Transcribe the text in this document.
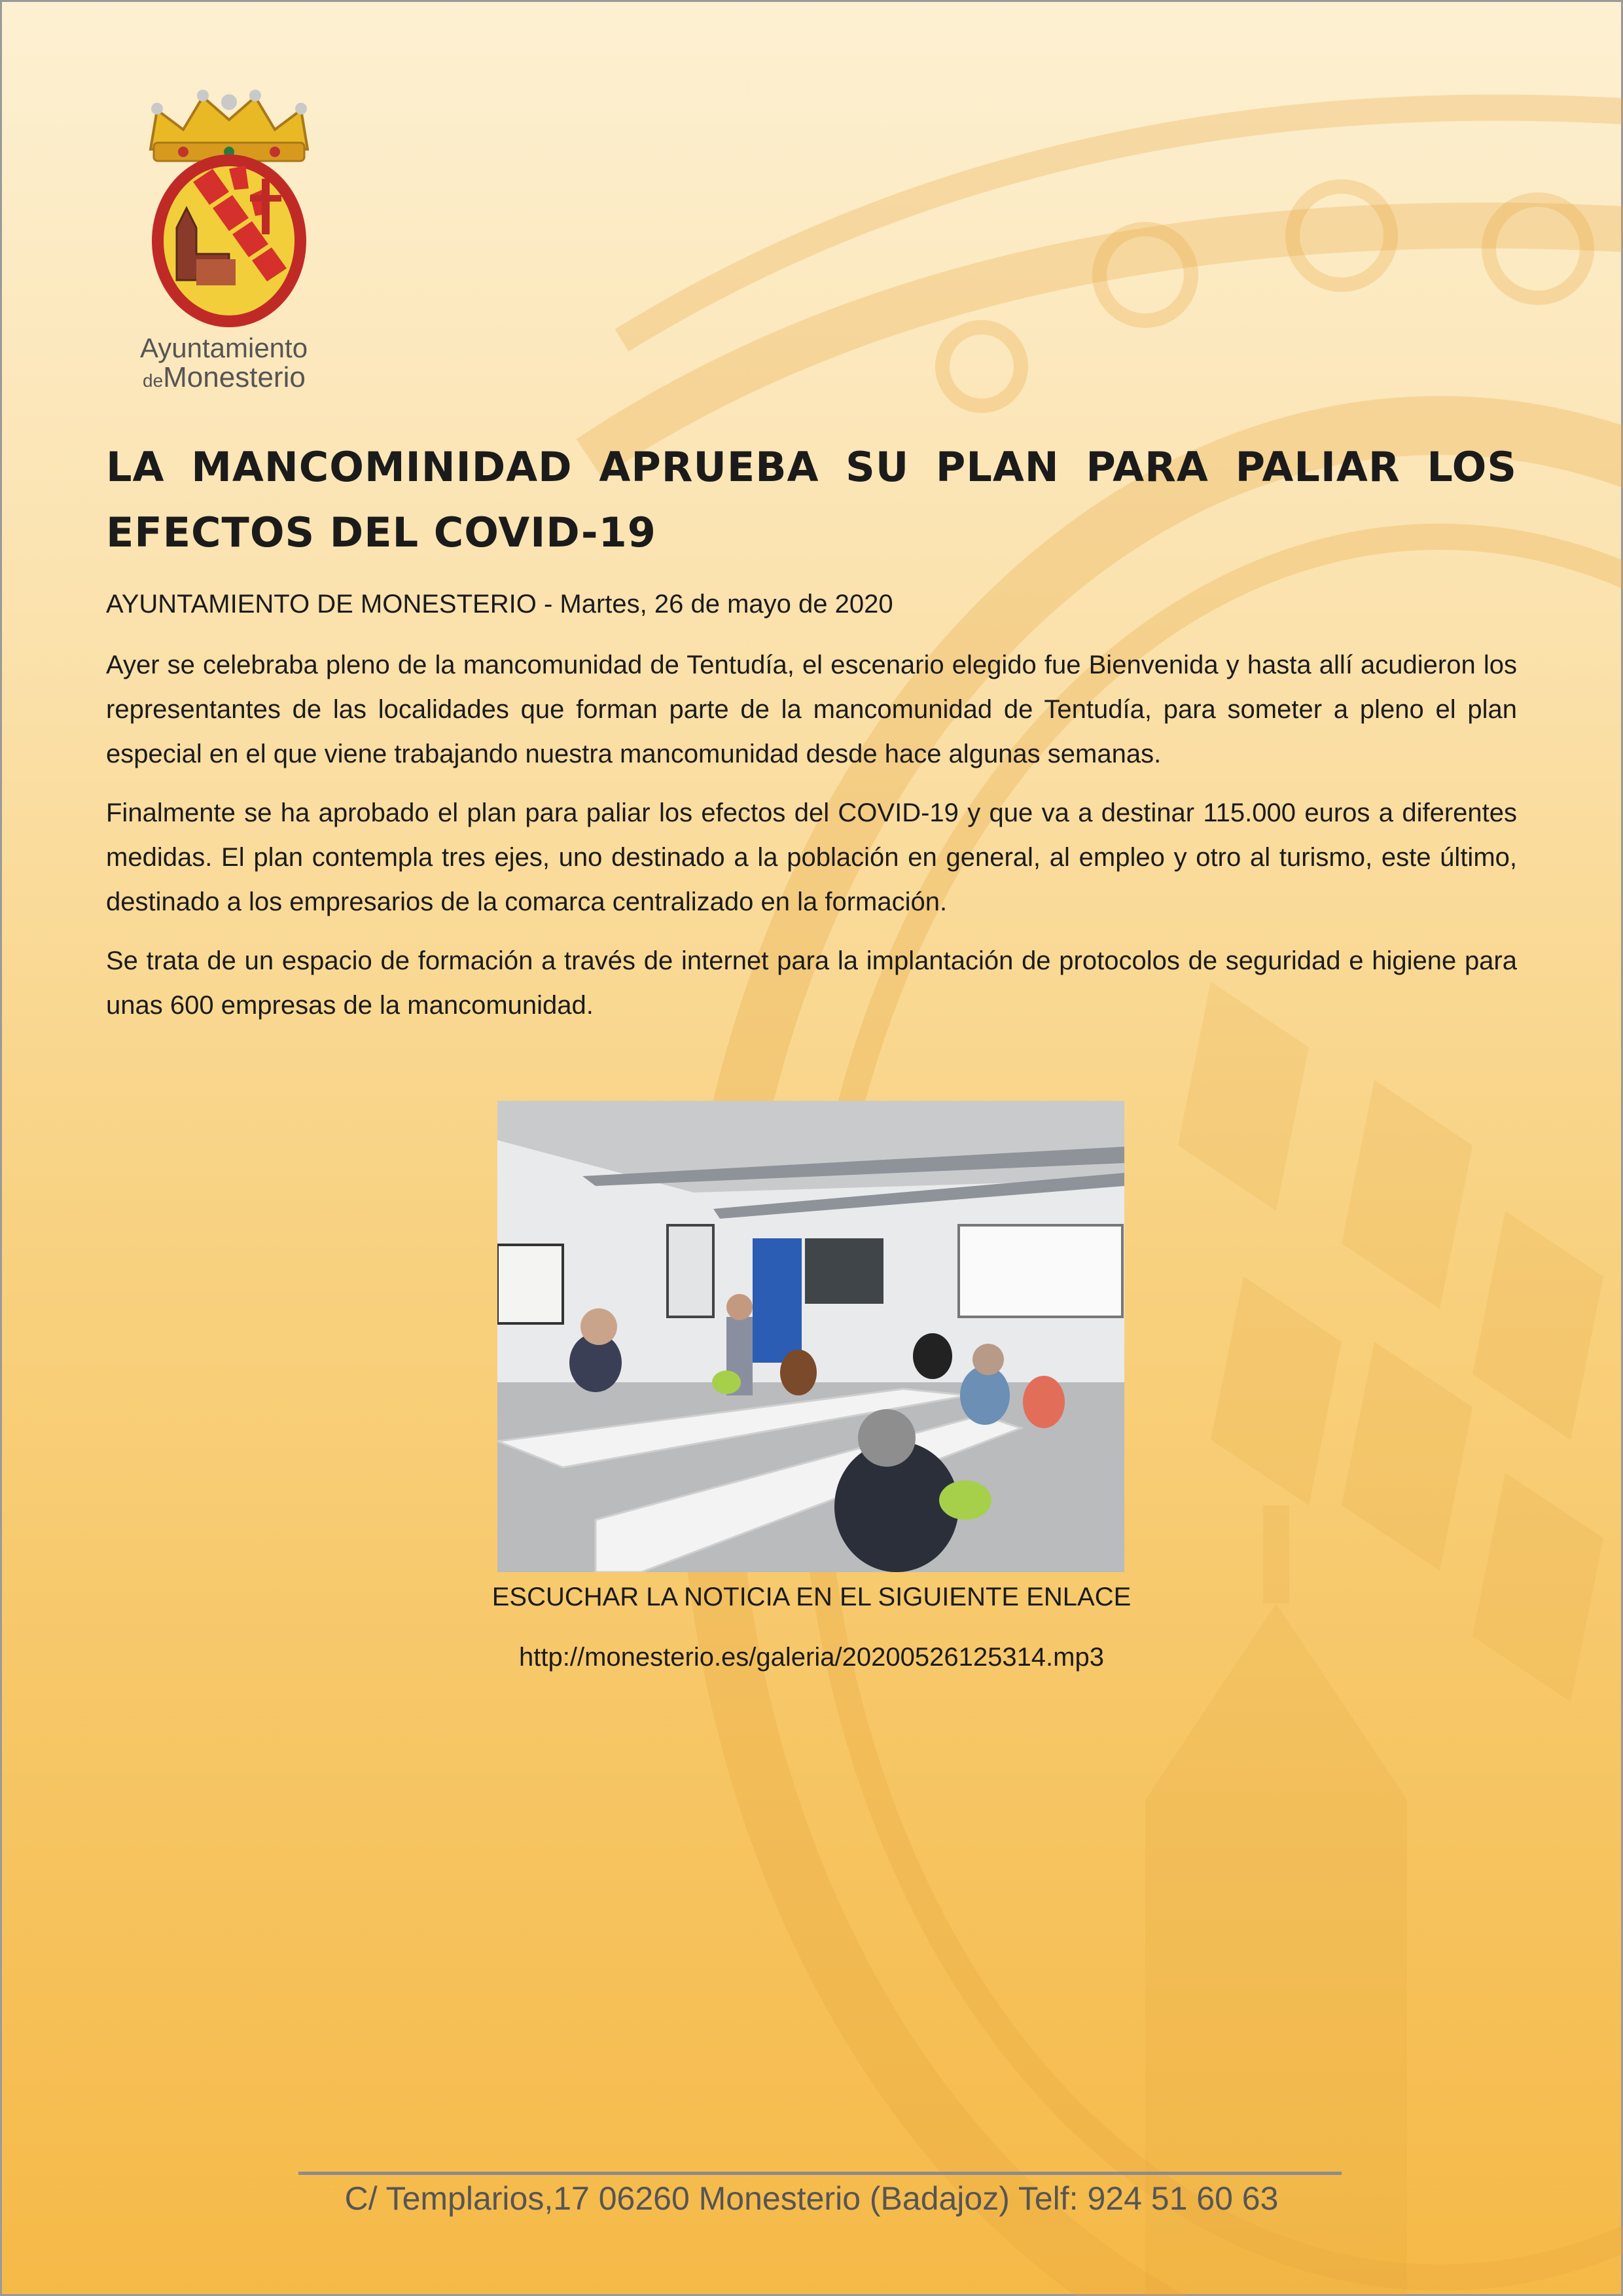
Ayuntamiento
deMonesterio
LA MANCOMINIDAD APRUEBA SU PLAN PARA PALIAR LOS EFECTOS DEL COVID-19
AYUNTAMIENTO DE MONESTERIO - Martes, 26 de mayo de 2020

Ayer se celebraba pleno de la mancomunidad de Tentudía, el escenario elegido fue Bienvenida y hasta allí acudieron los representantes de las localidades que forman parte de la mancomunidad de Tentudía, para someter a pleno el plan especial en el que viene trabajando nuestra mancomunidad desde hace algunas semanas.

Finalmente se ha aprobado el plan para paliar los efectos del COVID-19 y que va a destinar 115.000 euros a diferentes medidas. El plan contempla tres ejes, uno destinado a la población en general, al empleo y otro al turismo, este último, destinado a los empresarios de la comarca centralizado en la formación.

Se trata de un espacio de formación a través de internet para la implantación de protocolos de seguridad e higiene para unas 600 empresas de la mancomunidad.

ESCUCHAR LA NOTICIA EN EL SIGUIENTE ENLACE
http://monesterio.es/galeria/20200526125314.mp3
C/ Templarios,17 06260 Monesterio (Badajoz) Telf: 924 51 60 63
